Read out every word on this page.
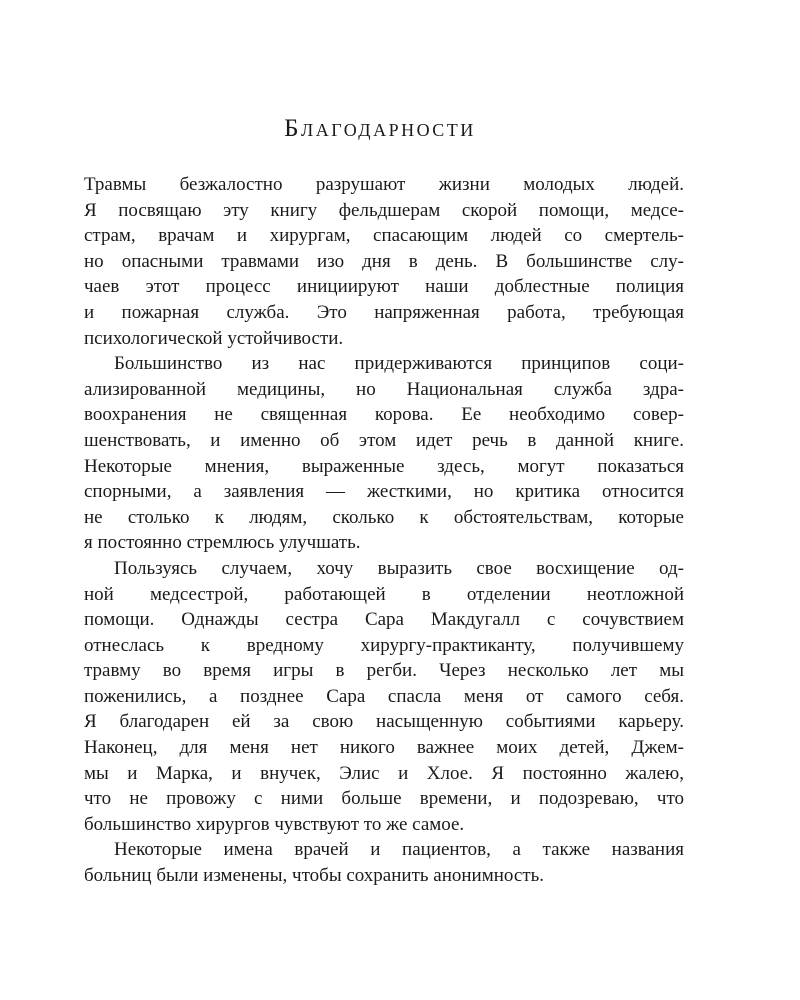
Благодарности
Травмы безжалостно разрушают жизни молодых людей.
Я посвящаю эту книгу фельдшерам скорой помощи, медсе-
страм, врачам и хирургам, спасающим людей со смертель-
но опасными травмами изо дня в день. В большинстве слу-
чаев этот процесс инициируют наши доблестные полиция
и пожарная служба. Это напряженная работа, требующая
психологической устойчивости.
Большинство из нас придерживаются принципов соци-
ализированной медицины, но Национальная служба здра-
воохранения не священная корова. Ее необходимо совер-
шенствовать, и именно об этом идет речь в данной книге.
Некоторые мнения, выраженные здесь, могут показаться
спорными, а заявления — жесткими, но критика относится
не столько к людям, сколько к обстоятельствам, которые
я постоянно стремлюсь улучшать.
Пользуясь случаем, хочу выразить свое восхищение од-
ной медсестрой, работающей в отделении неотложной
помощи. Однажды сестра Сара Макдугалл с сочувствием
отнеслась к вредному хирургу-практиканту, получившему
травму во время игры в регби. Через несколько лет мы
поженились, а позднее Сара спасла меня от самого себя.
Я благодарен ей за свою насыщенную событиями карьеру.
Наконец, для меня нет никого важнее моих детей, Джем-
мы и Марка, и внучек, Элис и Хлое. Я постоянно жалею,
что не провожу с ними больше времени, и подозреваю, что
большинство хирургов чувствуют то же самое.
Некоторые имена врачей и пациентов, а также названия
больниц были изменены, чтобы сохранить анонимность.
